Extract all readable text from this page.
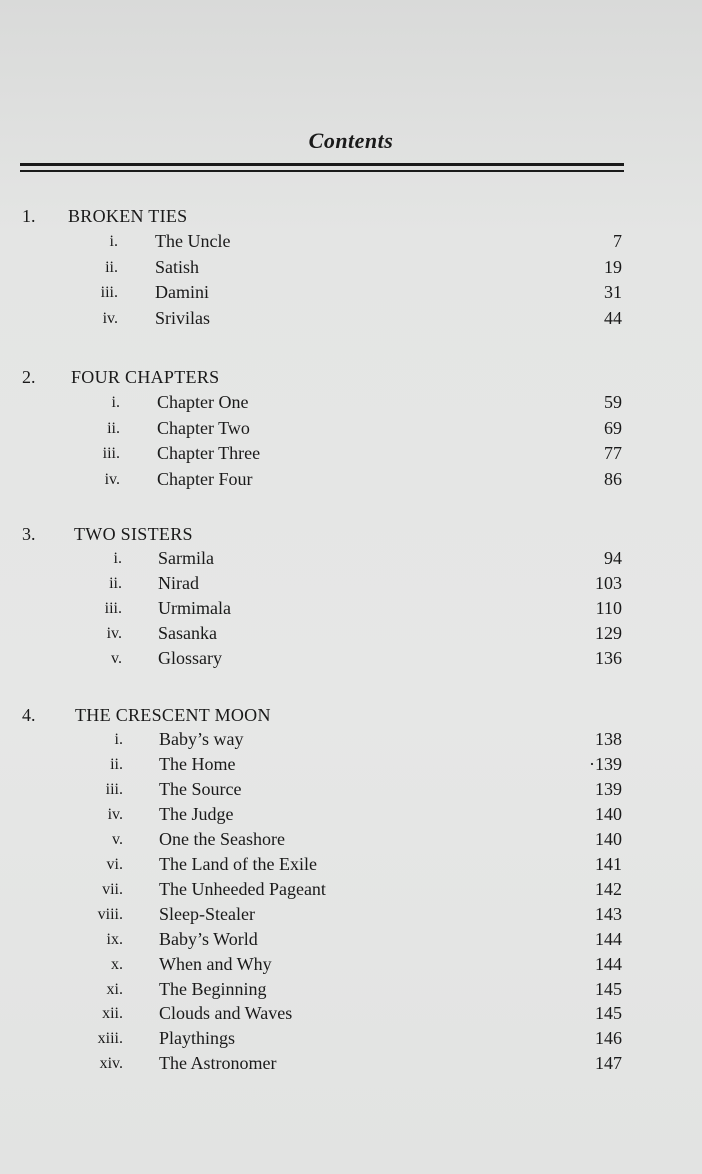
Contents
1. BROKEN TIES
i. The Uncle	7
ii. Satish	19
iii. Damini	31
iv. Srivilas	44
2. FOUR CHAPTERS
i. Chapter One	59
ii. Chapter Two	69
iii. Chapter Three	77
iv. Chapter Four	86
3. TWO SISTERS
i. Sarmila	94
ii. Nirad	103
iii. Urmimala	110
iv. Sasanka	129
v. Glossary	136
4. THE CRESCENT MOON
i. Baby’s way	138
ii. The Home	·139
iii. The Source	139
iv. The Judge	140
v. One the Seashore	140
vi. The Land of the Exile	141
vii. The Unheeded Pageant	142
viii. Sleep-Stealer	143
ix. Baby’s World	144
x. When and Why	144
xi. The Beginning	145
xii. Clouds and Waves	145
xiii. Playthings	146
xiv. The Astronomer	147
